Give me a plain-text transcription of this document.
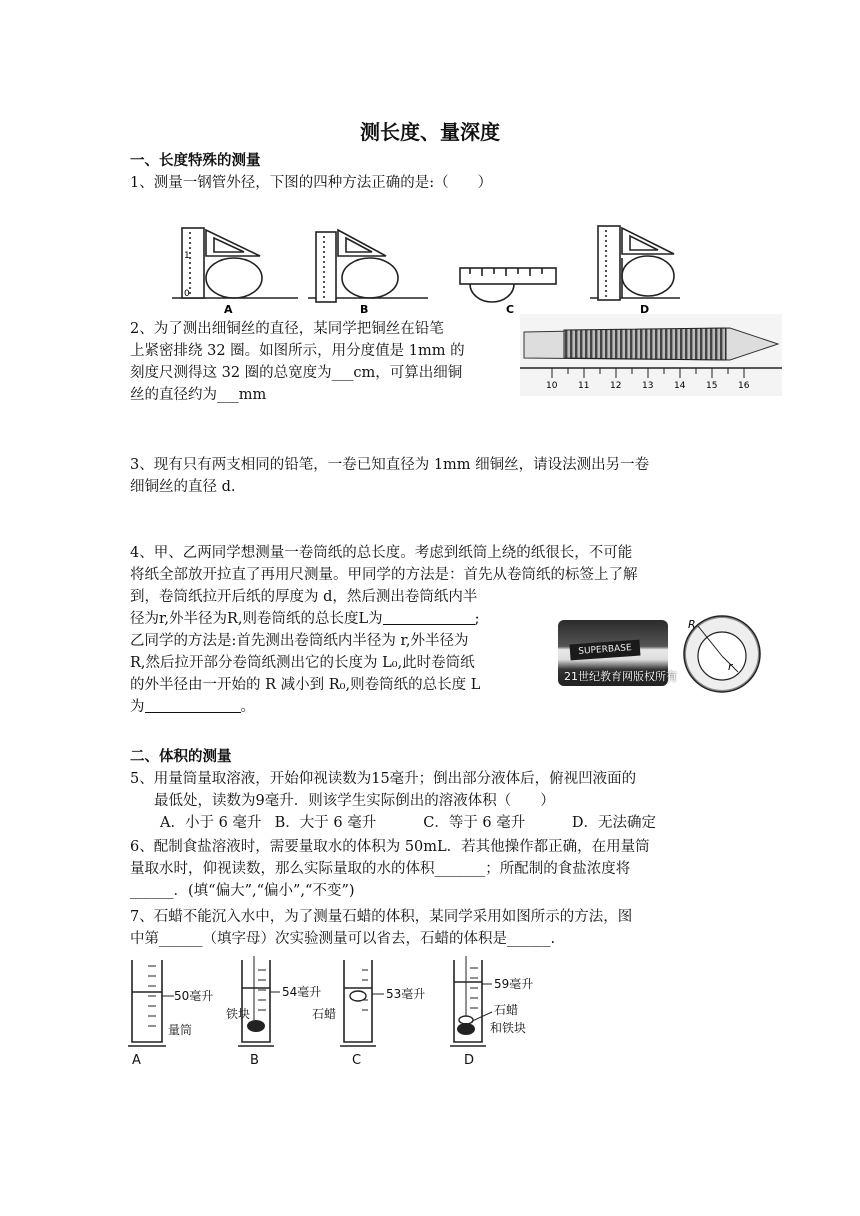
测长度、量深度
一、长度特殊的测量
1、测量一钢管外径，下图的四种方法正确的是:（　　）
1
0
A	B	C	D
2、为了测出细铜丝的直径，某同学把铜丝在铅笔
上紧密排绕 32 圈。如图所示，用分度值是 1mm 的
刻度尺测得这 32 圈的总宽度为___cm，可算出细铜
丝的直径约为___mm
10 11 12 13 14 15 16
3、现有只有两支相同的铅笔，一卷已知直径为 1mm 细铜丝，请设法测出另一卷
细铜丝的直径 d.
4、甲、乙两同学想测量一卷筒纸的总长度。考虑到纸筒上绕的纸很长，不可能
将纸全部放开拉直了再用尺测量。甲同学的方法是：首先从卷筒纸的标签上了解
到，卷筒纸拉开后纸的厚度为 d，然后测出卷筒纸内半
径为r,外半径为R,则卷筒纸的总长度L为	;
乙同学的方法是:首先测出卷筒纸内半径为 r,外半径为
R,然后拉开部分卷筒纸测出它的长度为 L₀,此时卷筒纸
的外半径由一开始的 R 减小到 R₀,则卷筒纸的总长度 L
为	。
SUPERBASE
21世纪教育网版权所有
R
r
二、体积的测量
5、用量筒量取溶液，开始仰视读数为15毫升；倒出部分液体后，俯视凹液面的
最低处，读数为9毫升．则该学生实际倒出的溶液体积（　　）
A．小于 6 毫升 B．大于 6 毫升	C．等于 6 毫升	D．无法确定
6、配制食盐溶液时，需要量取水的体积为 50mL．若其他操作都正确，在用量筒
量取水时，仰视读数，那么实际量取的水的体积_______；所配制的食盐浓度将
______．(填“偏大”,“偏小”,“不变”)
7、石蜡不能沉入水中，为了测量石蜡的体积，某同学采用如图所示的方法，图
中第______（填字母）次实验测量可以省去，石蜡的体积是______.
50毫升
量筒
54毫升
铁块
53毫升
石蜡
59毫升
石蜡
和铁块
A	B	C	D
